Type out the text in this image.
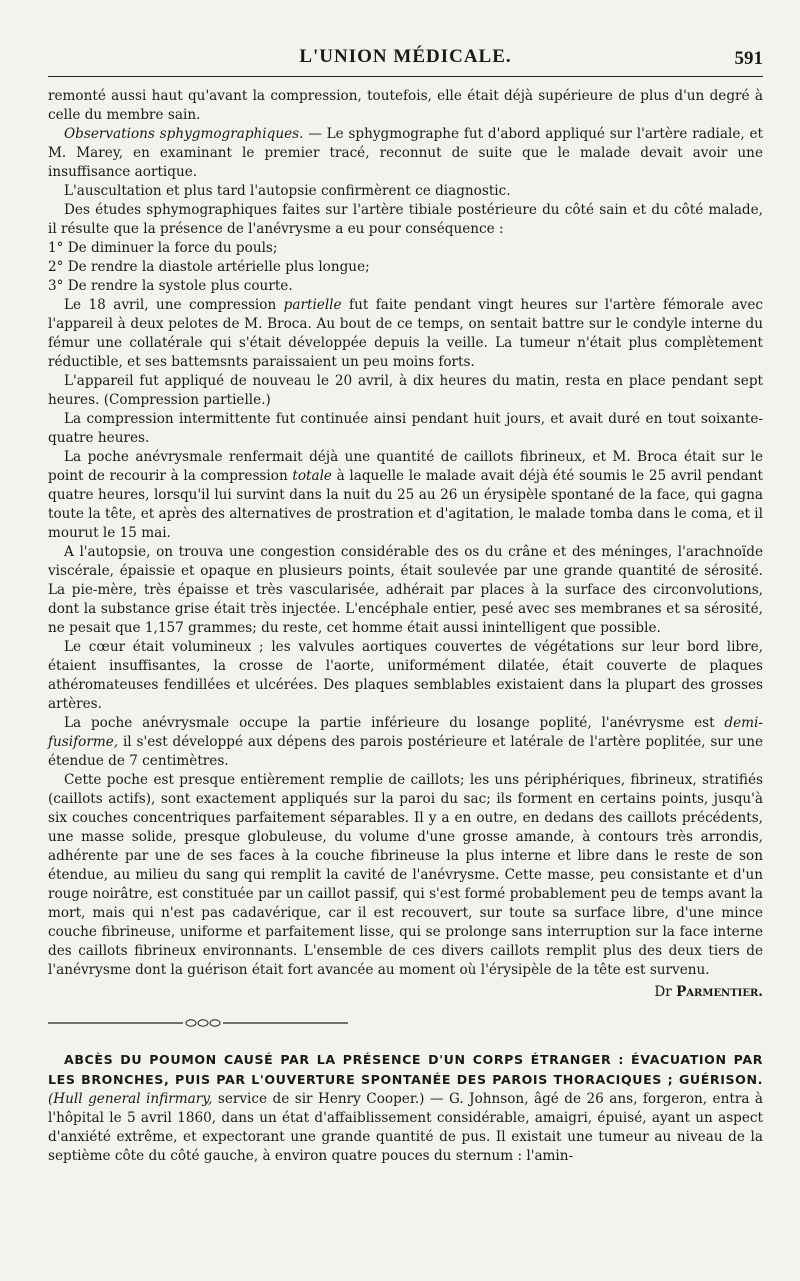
L'UNION MÉDICALE.	591

remonté aussi haut qu'avant la compression, toutefois, elle était déjà supérieure de plus d'un degré à celle du membre sain.

Observations sphygmographiques. — Le sphygmographe fut d'abord appliqué sur l'artère radiale, et M. Marey, en examinant le premier tracé, reconnut de suite que le malade devait avoir une insuffisance aortique.

L'auscultation et plus tard l'autopsie confirmèrent ce diagnostic.

Des études sphymographiques faites sur l'artère tibiale postérieure du côté sain et du côté malade, il résulte que la présence de l'anévrysme a eu pour conséquence :

1° De diminuer la force du pouls;

2° De rendre la diastole artérielle plus longue;

3° De rendre la systole plus courte.

Le 18 avril, une compression partielle fut faite pendant vingt heures sur l'artère fémorale avec l'appareil à deux pelotes de M. Broca. Au bout de ce temps, on sentait battre sur le condyle interne du fémur une collatérale qui s'était développée depuis la veille. La tumeur n'était plus complètement réductible, et ses battemsnts paraissaient un peu moins forts.

L'appareil fut appliqué de nouveau le 20 avril, à dix heures du matin, resta en place pendant sept heures. (Compression partielle.)

La compression intermittente fut continuée ainsi pendant huit jours, et avait duré en tout soixante-quatre heures.

La poche anévrysmale renfermait déjà une quantité de caillots fibrineux, et M. Broca était sur le point de recourir à la compression totale à laquelle le malade avait déjà été soumis le 25 avril pendant quatre heures, lorsqu'il lui survint dans la nuit du 25 au 26 un érysipèle spontané de la face, qui gagna toute la tête, et après des alternatives de prostration et d'agitation, le malade tomba dans le coma, et il mourut le 15 mai.

A l'autopsie, on trouva une congestion considérable des os du crâne et des méninges, l'arachnoïde viscérale, épaissie et opaque en plusieurs points, était soulevée par une grande quantité de sérosité. La pie-mère, très épaisse et très vascularisée, adhérait par places à la surface des circonvolutions, dont la substance grise était très injectée. L'encéphale entier, pesé avec ses membranes et sa sérosité, ne pesait que 1,157 grammes; du reste, cet homme était aussi inintelligent que possible.

Le cœur était volumineux ; les valvules aortiques couvertes de végétations sur leur bord libre, étaient insuffisantes, la crosse de l'aorte, uniformément dilatée, était couverte de plaques athéromateuses fendillées et ulcérées. Des plaques semblables existaient dans la plupart des grosses artères.

La poche anévrysmale occupe la partie inférieure du losange poplité, l'anévrysme est demi-fusiforme, il s'est développé aux dépens des parois postérieure et latérale de l'artère poplitée, sur une étendue de 7 centimètres.

Cette poche est presque entièrement remplie de caillots; les uns périphériques, fibrineux, stratifiés (caillots actifs), sont exactement appliqués sur la paroi du sac; ils forment en certains points, jusqu'à six couches concentriques parfaitement séparables. Il y a en outre, en dedans des caillots précédents, une masse solide, presque globuleuse, du volume d'une grosse amande, à contours très arrondis, adhérente par une de ses faces à la couche fibrineuse la plus interne et libre dans le reste de son étendue, au milieu du sang qui remplit la cavité de l'anévrysme. Cette masse, peu consistante et d'un rouge noirâtre, est constituée par un caillot passif, qui s'est formé probablement peu de temps avant la mort, mais qui n'est pas cadavérique, car il est recouvert, sur toute sa surface libre, d'une mince couche fibrineuse, uniforme et parfaitement lisse, qui se prolonge sans interruption sur la face interne des caillots fibrineux environnants. L'ensemble de ces divers caillots remplit plus des deux tiers de l'anévrysme dont la guérison était fort avancée au moment où l'érysipèle de la tête est survenu.

Dr Parmentier.
ABCÈS DU POUMON CAUSÉ PAR LA PRÉSENCE D'UN CORPS ÉTRANGER : ÉVACUATION PAR LES BRONCHES, PUIS PAR L'OUVERTURE SPONTANÉE DES PAROIS THORACIQUES ; GUÉRISON. (Hull general infirmary, service de sir Henry Cooper.) — G. Johnson, âgé de 26 ans, forgeron, entra à l'hôpital le 5 avril 1860, dans un état d'affaiblissement considérable, amaigri, épuisé, ayant un aspect d'anxiété extrême, et expectorant une grande quantité de pus. Il existait une tumeur au niveau de la septième côte du côté gauche, à environ quatre pouces du sternum : l'amin-
